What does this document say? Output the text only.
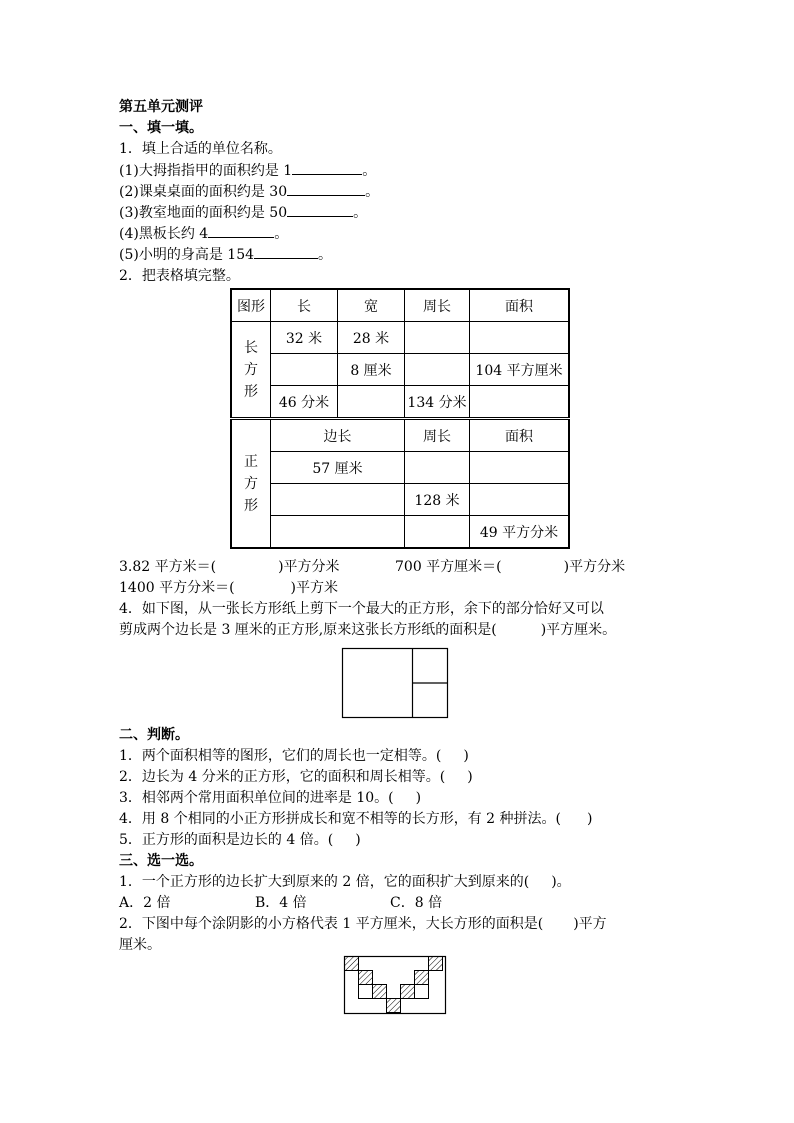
第五单元测评
一、填一填。
1．填上合适的单位名称。
(1)大拇指指甲的面积约是 1	。
(2)课桌桌面的面积约是 30	。
(3)教室地面的面积约是 50	。
(4)黑板长约 4	。
(5)小明的身高是 154	。
2．把表格填完整。
图形	长	宽	周长	面积
长
方
形	32 米	28 米		
		8 厘米		104 平方厘米
	46 分米		134 分米	
正
方
形	边长		周长	面积
	57 厘米			
			128 米	
				49 平方分米
3.82 平方米＝(	)平方分米	700 平方厘米＝(	)平方分米
1400 平方分米＝(	)平方米
4．如下图，从一张长方形纸上剪下一个最大的正方形，余下的部分恰好又可以
剪成两个边长是 3 厘米的正方形,原来这张长方形纸的面积是(	)平方厘米。
二、判断。
1．两个面积相等的图形，它们的周长也一定相等。( )
2．边长为 4 分米的正方形，它的面积和周长相等。( )
3．相邻两个常用面积单位间的进率是 10。( )
4．用 8 个相同的小正方形拼成长和宽不相等的长方形，有 2 种拼法。( )
5．正方形的面积是边长的 4 倍。( )
三、选一选。
1．一个正方形的边长扩大到原来的 2 倍，它的面积扩大到原来的( )。
A．2 倍	B．4 倍	C．8 倍
2．下图中每个涂阴影的小方格代表 1 平方厘米，大长方形的面积是( )平方
厘米。
